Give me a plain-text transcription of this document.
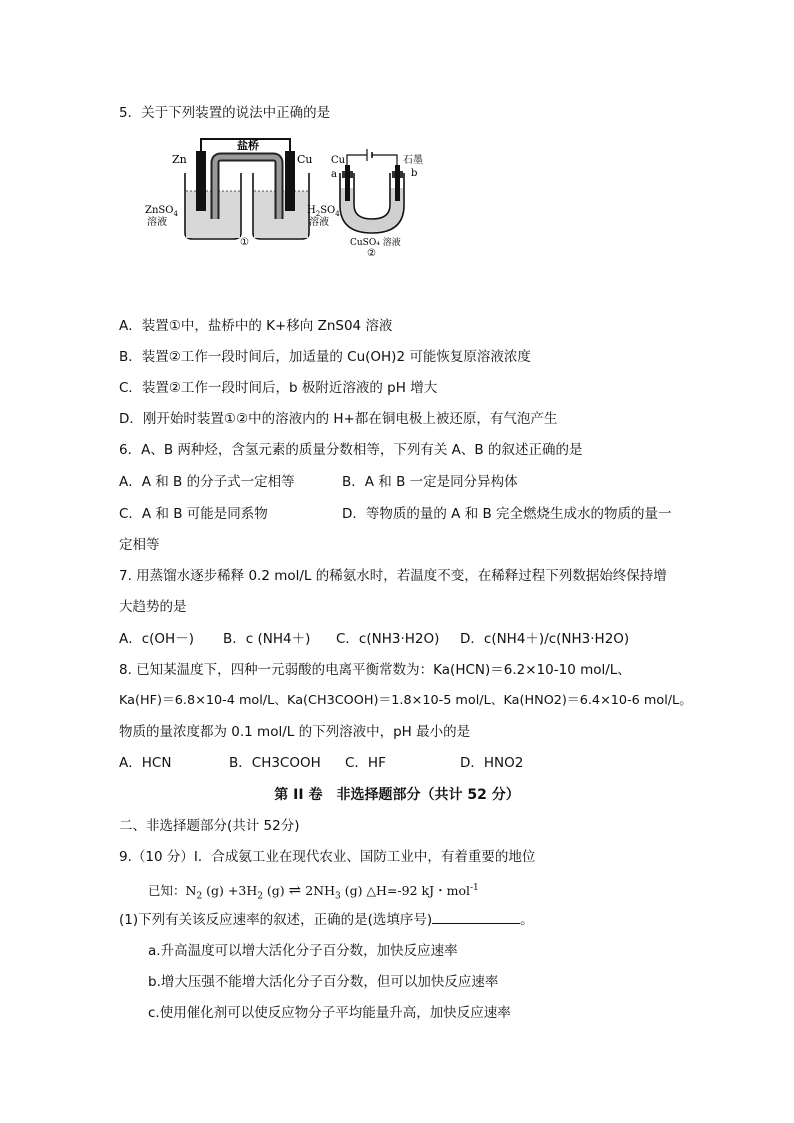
5．关于下列装置的说法中正确的是
Zn	Cu
盐桥
ZnSO$_4$
溶液
$H_2SO_4$
溶液
①
Cu
a
石墨
b
CuSO₄ 溶液
②
A．装置①中，盐桥中的 K+移向 ZnS04 溶液
B．装置②工作一段时间后，加适量的 Cu(OH)2 可能恢复原溶液浓度
C．装置②工作一段时间后，b 极附近溶液的 pH 增大
D．刚开始时装置①②中的溶液内的 H+都在铜电极上被还原，有气泡产生
6．A、B 两种烃，含氢元素的质量分数相等，下列有关 A、B 的叙述正确的是
A．A 和 B 的分子式一定相等	B．A 和 B 一定是同分异构体
C．A 和 B 可能是同系物	D．等物质的量的 A 和 B 完全燃烧生成水的物质的量一
定相等
7. 用蒸馏水逐步稀释 0.2 mol/L 的稀氨水时，若温度不变，在稀释过程下列数据始终保持增
大趋势的是
A．c(OH－) B．c (NH4＋) C．c(NH3·H2O) D．c(NH4＋)/c(NH3·H2O)
8. 已知某温度下，四种一元弱酸的电离平衡常数为：Ka(HCN)＝6.2×10-10 mol/L、
Ka(HF)＝6.8×10-4 mol/L、Ka(CH3COOH)＝1.8×10-5 mol/L、Ka(HNO2)＝6.4×10-6 mol/L。
物质的量浓度都为 0.1 mol/L 的下列溶液中，pH 最小的是
A．HCN	B．CH3COOH C．HF	D．HNO2
第 II 卷　非选择题部分（共计 52 分）
二、非选择题部分(共计 52分)
9.（10 分）Ⅰ．合成氨工业在现代农业、国防工业中，有着重要的地位
已知：$N_2$ $(g) +3H_2$ (g) ⇌ $2NH_3$ (g) △H=-92 kJ・mol$^{-1}$
(1)下列有关该反应速率的叙述，正确的是(选填序号)	。
a.升高温度可以增大活化分子百分数，加快反应速率
b.增大压强不能增大活化分子百分数，但可以加快反应速率
c.使用催化剂可以使反应物分子平均能量升高，加快反应速率
